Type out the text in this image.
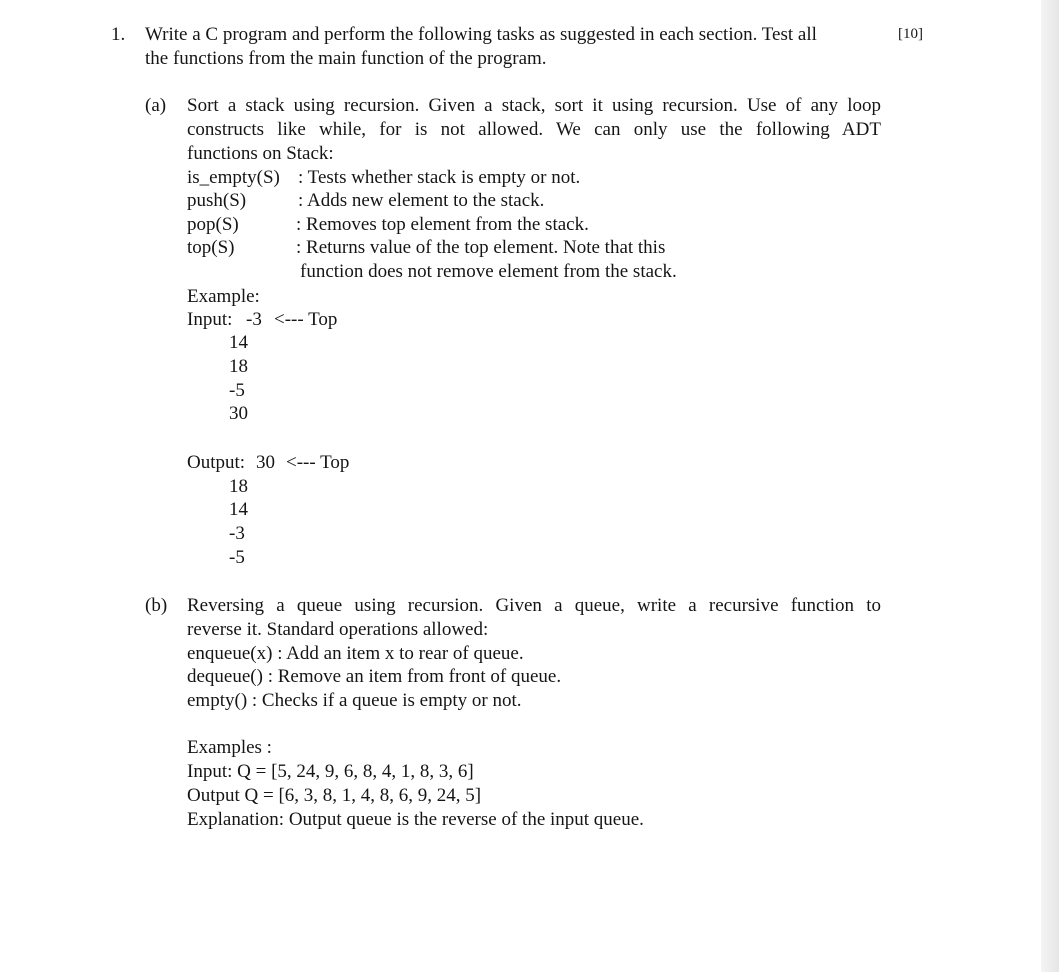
1. Write a C program and perform the following tasks as suggested in each section. Test all	[10]
the functions from the main function of the program.
(a) Sort a stack using recursion. Given a stack, sort it using recursion. Use of any loop
constructs like while, for is not allowed. We can only use the following ADT
functions on Stack:
is_empty(S) : Tests whether stack is empty or not.
push(S)	: Adds new element to the stack.
pop(S)	: Removes top element from the stack.
top(S)	: Returns value of the top element. Note that this
function does not remove element from the stack.
Example:
Input: -3 <--- Top
14
18
-5
30
Output: 30 <--- Top
18
14
-3
-5
(b) Reversing a queue using recursion. Given a queue, write a recursive function to
reverse it. Standard operations allowed:
enqueue(x) : Add an item x to rear of queue.
dequeue() : Remove an item from front of queue.
empty() : Checks if a queue is empty or not.
Examples :
Input: Q = [5, 24, 9, 6, 8, 4, 1, 8, 3, 6]
Output Q = [6, 3, 8, 1, 4, 8, 6, 9, 24, 5]
Explanation: Output queue is the reverse of the input queue.
